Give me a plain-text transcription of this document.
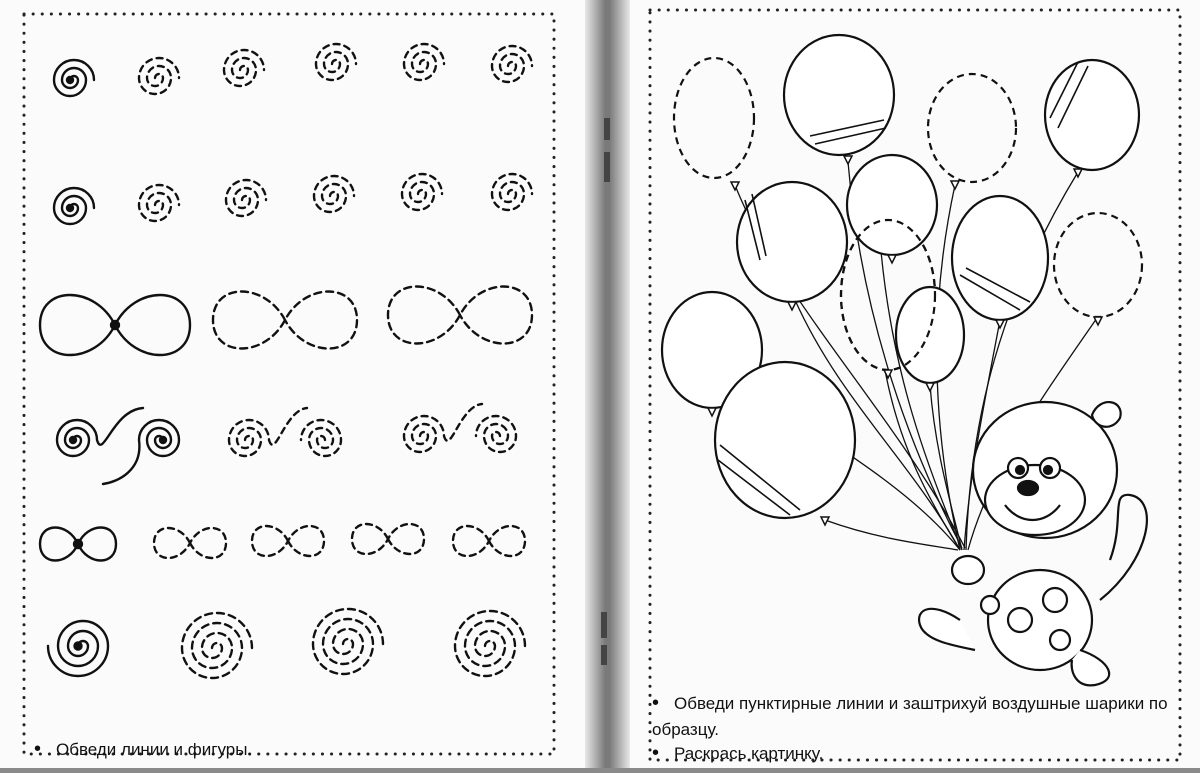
• Обведи линии и фигуры.
• Обведи пунктирные линии и заштрихуй воздушные шарики по образцу.
• Раскрась картинку.
